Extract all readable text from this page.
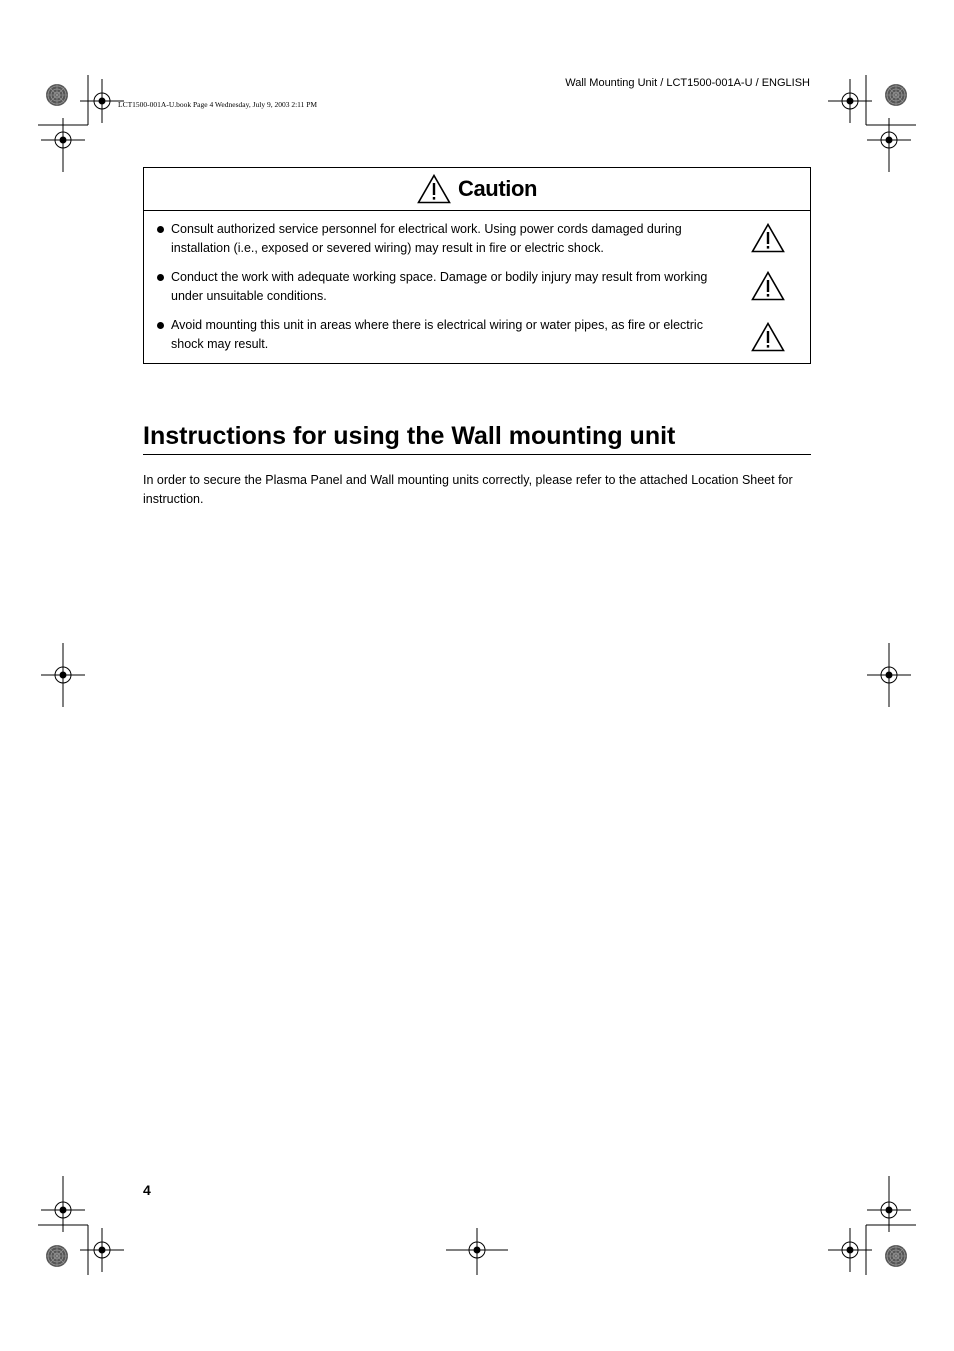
Wall Mounting Unit / LCT1500-001A-U / ENGLISH
LCT1500-001A-U.book Page 4 Wednesday, July 9, 2003 2:11 PM
Caution
Consult authorized service personnel for electrical work. Using power cords damaged during installation (i.e., exposed or severed wiring) may result in fire or electric shock.
Conduct the work with adequate working space. Damage or bodily injury may result from working under unsuitable conditions.
Avoid mounting this unit in areas where there is electrical wiring or water pipes, as fire or electric shock may result.
Instructions for using the Wall mounting unit

In order to secure the Plasma Panel and Wall mounting units correctly, please refer to the attached Location Sheet for instruction.

4
